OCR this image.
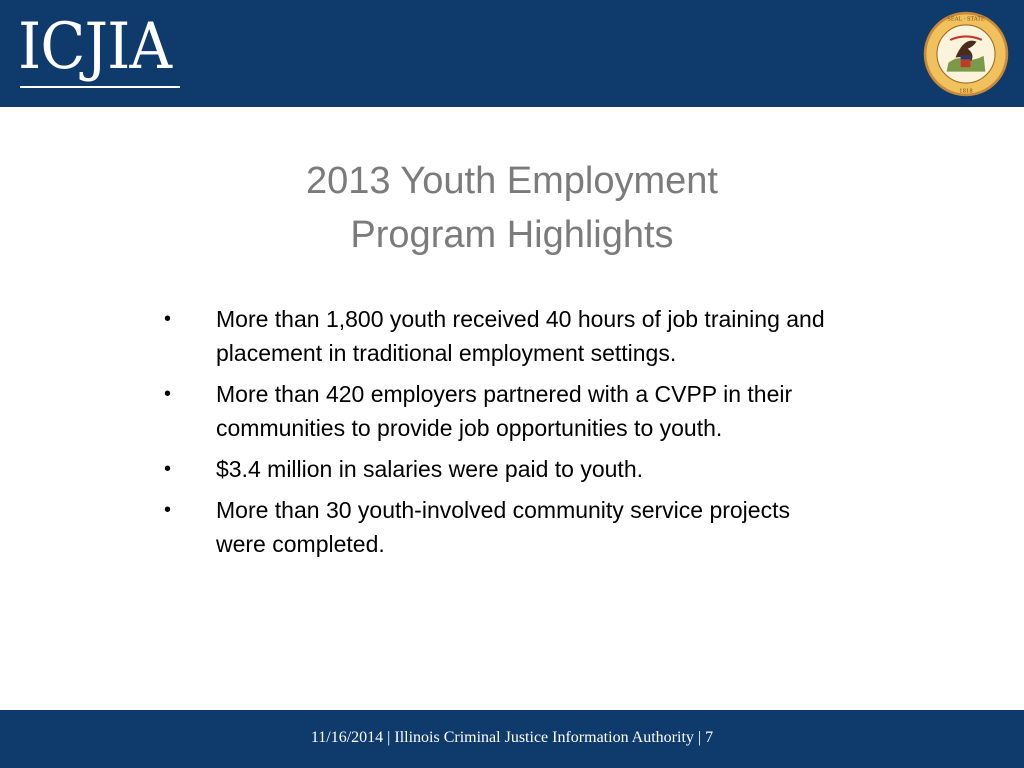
ICJIA	SEAL · STATE
1818
2013 Youth Employment
Program Highlights
• More than 1,800 youth received 40 hours of job training and placement in traditional employment settings.
• More than 420 employers partnered with a CVPP in their communities to provide job opportunities to youth.
• $3.4 million in salaries were paid to youth.
• More than 30 youth-involved community service projects were completed.
11/16/2014 | Illinois Criminal Justice Information Authority | 7
